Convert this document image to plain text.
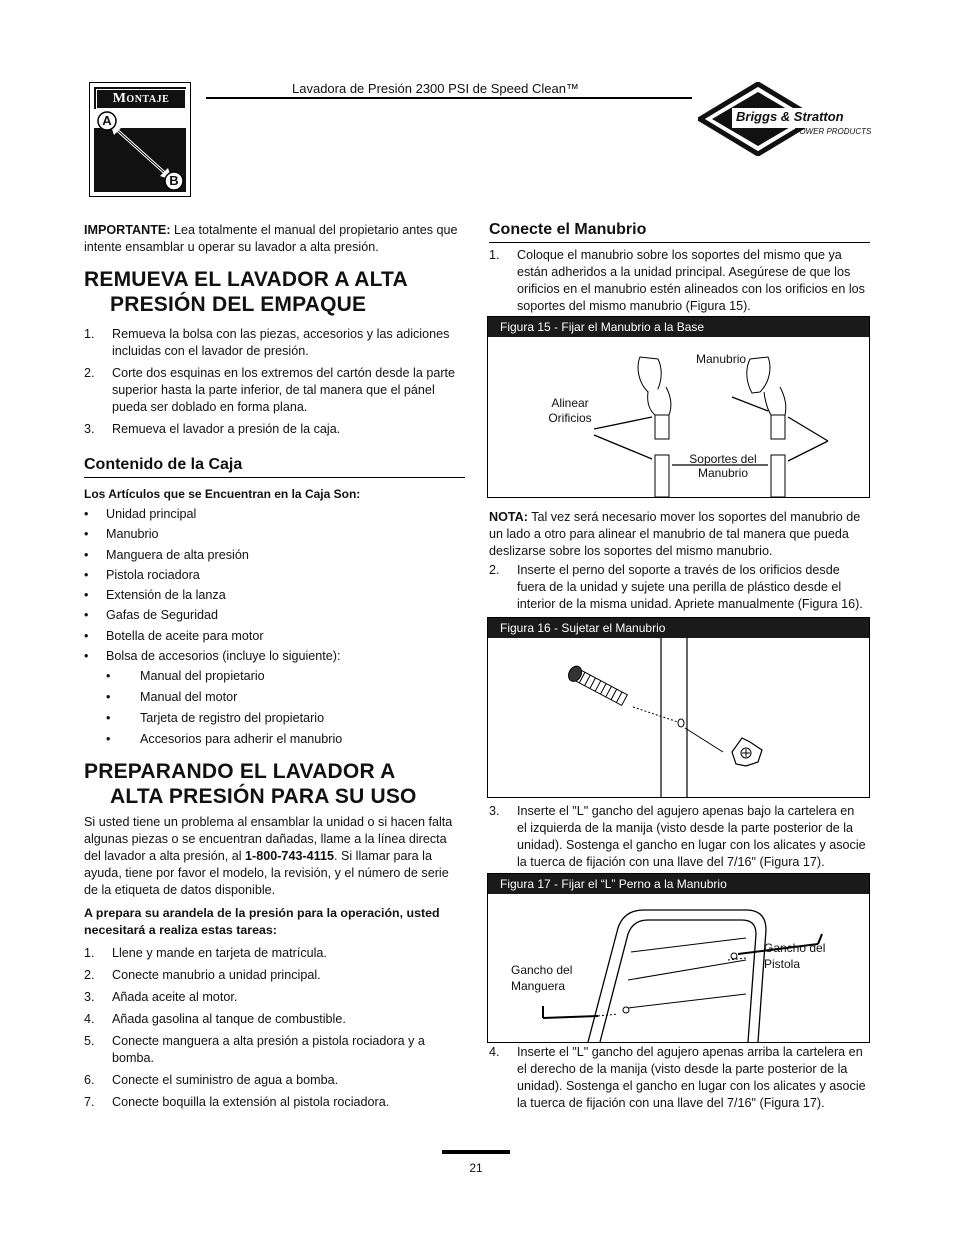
Montaje
A
B
Lavadora de Presión 2300 PSI de Speed Clean™
Briggs & Stratton
POWER PRODUCTS
IMPORTANTE: Lea totalmente el manual del propietario antes que intente ensamblar u operar su lavador a alta presión.
REMUEVA EL LAVADOR A ALTA
PRESIÓN DEL EMPAQUE
1.	Remueva la bolsa con las piezas, accesorios y las adiciones incluidas con el lavador de presión.
2.	Corte dos esquinas en los extremos del cartón desde la parte superior hasta la parte inferior, de tal manera que el pánel pueda ser doblado en forma plana.
3.	Remueva el lavador a presión de la caja.
Contenido de la Caja
Los Artículos que se Encuentran en la Caja Son:
•	Unidad principal
•	Manubrio
•	Manguera de alta presión
•	Pistola rociadora
•	Extensión de la lanza
•	Gafas de Seguridad
•	Botella de aceite para motor
•	Bolsa de accesorios (incluye lo siguiente):
•	Manual del propietario
•	Manual del motor
•	Tarjeta de registro del propietario
•	Accesorios para adherir el manubrio
PREPARANDO EL LAVADOR A
ALTA PRESIÓN PARA SU USO
Si usted tiene un problema al ensamblar la unidad o si hacen falta algunas piezas o se encuentran dañadas, llame a la línea directa del lavador a alta presión, al 1-800-743-4115. Si llamar para la ayuda, tiene por favor el modelo, la revisión, y el número de serie de la etiqueta de datos disponible.
A prepara su arandela de la presión para la operación, usted necesitará a realiza estas tareas:
1.	Llene y mande en tarjeta de matrícula.
2.	Conecte manubrio a unidad principal.
3.	Añada aceite al motor.
4.	Añada gasolina al tanque de combustible.
5.	Conecte manguera a alta presión a pistola rociadora y a bomba.
6.	Conecte el suministro de agua a bomba.
7.	Conecte boquilla la extensión al pistola rociadora.
Conecte el Manubrio
1.	Coloque el manubrio sobre los soportes del mismo que ya están adheridos a la unidad principal. Asegúrese de que los orificios en el manubrio estén alineados con los orificios en los soportes del mismo manubrio (Figura 15).
Figura 15 - Fijar el Manubrio a la Base
Manubrio
Alinear
Orificios
Soportes del
Manubrio
NOTA: Tal vez será necesario mover los soportes del manubrio de un lado a otro para alinear el manubrio de tal manera que pueda deslizarse sobre los soportes del mismo manubrio.
2.	Inserte el perno del soporte a través de los orificios desde fuera de la unidad y sujete una perilla de plástico desde el interior de la misma unidad. Apriete manualmente (Figura 16).
Figura 16 - Sujetar el Manubrio
3.	Inserte el "L" gancho del agujero apenas bajo la cartelera en el izquierda de la manija (visto desde la parte posterior de la unidad). Sostenga el gancho en lugar con los alicates y asocie la tuerca de fijación con una llave del 7/16" (Figura 17).
Figura 17 - Fijar el “L” Perno a la Manubrio
Gancho del
Pistola
Gancho del
Manguera
4.	Inserte el "L" gancho del agujero apenas arriba la cartelera en el derecho de la manija (visto desde la parte posterior de la unidad). Sostenga el gancho en lugar con los alicates y asocie la tuerca de fijación con una llave del 7/16" (Figura 17).
21
